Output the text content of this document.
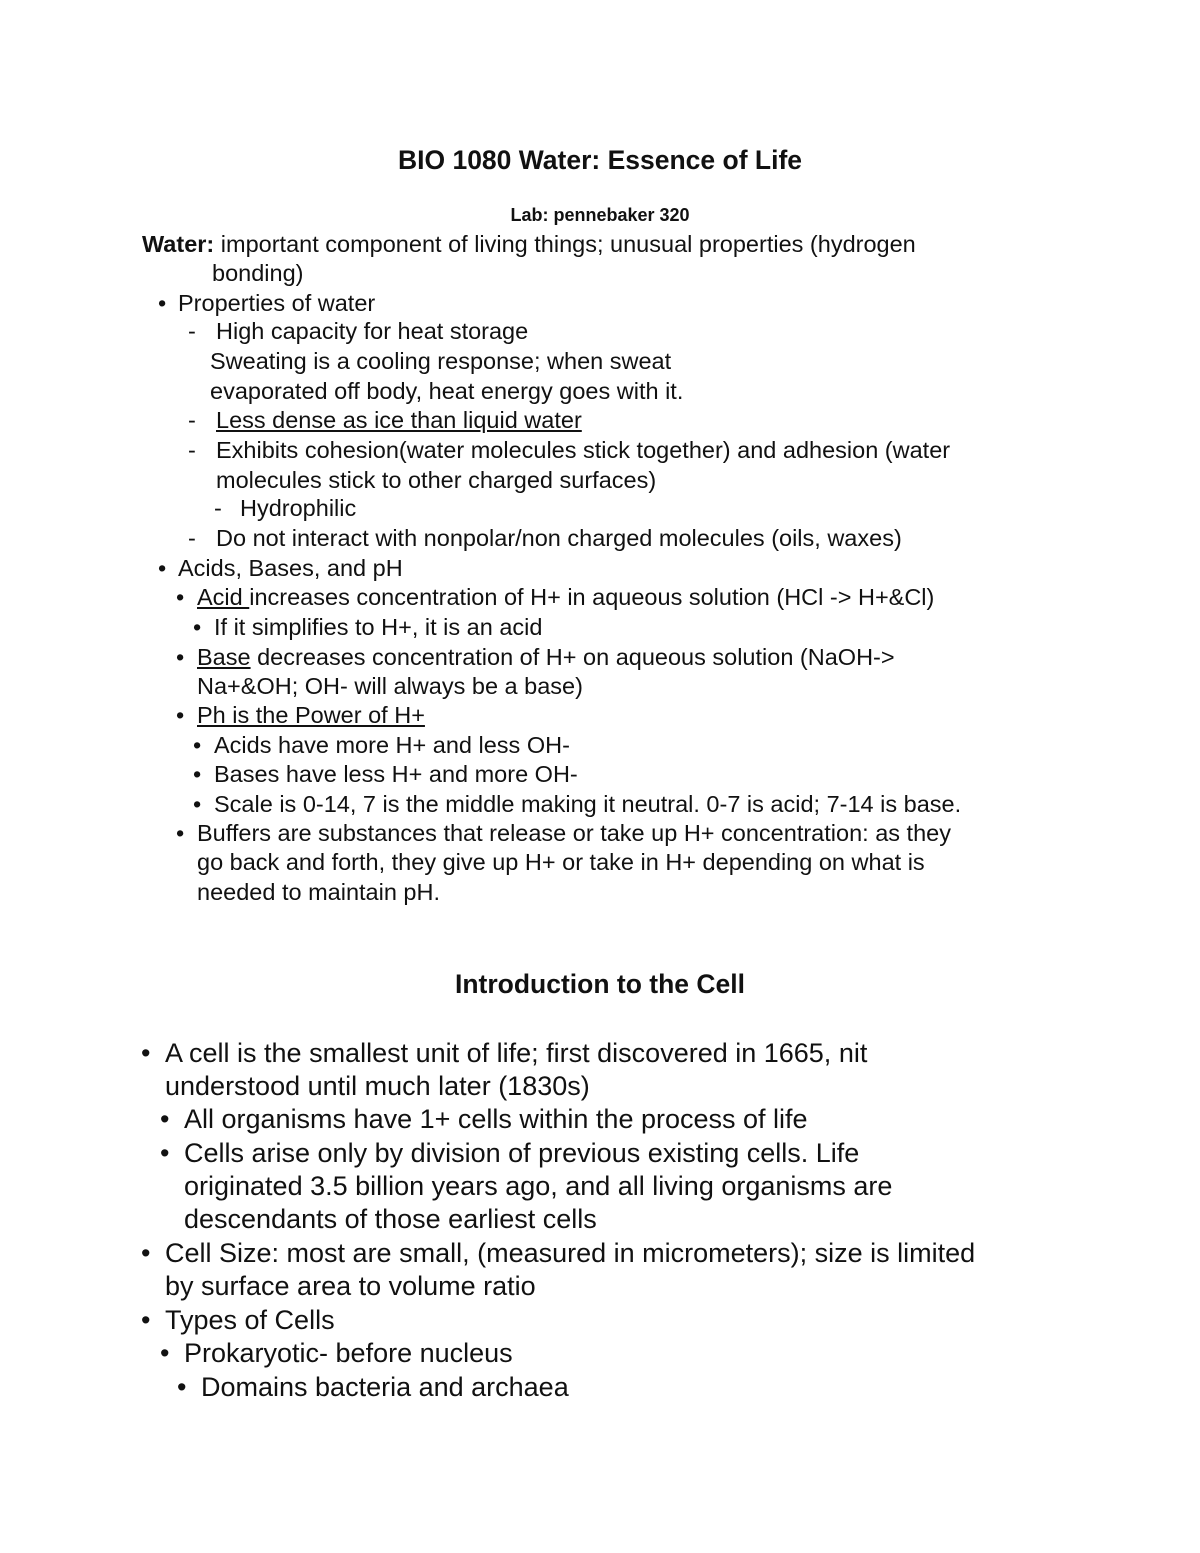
BIO 1080 Water: Essence of Life
Lab: pennebaker 320
Water: important component of living things; unusual properties (hydrogen
bonding)
• Properties of water
- High capacity for heat storage
Sweating is a cooling response; when sweat
evaporated off body, heat energy goes with it.
- Less dense as ice than liquid water
- Exhibits cohesion(water molecules stick together) and adhesion (water
molecules stick to other charged surfaces)
- Hydrophilic
- Do not interact with nonpolar/non charged molecules (oils, waxes)
• Acids, Bases, and pH
• Acid increases concentration of H+ in aqueous solution (HCl -> H+&Cl)
• If it simplifies to H+, it is an acid
• Base decreases concentration of H+ on aqueous solution (NaOH->
Na+&OH; OH- will always be a base)
• Ph is the Power of H+
• Acids have more H+ and less OH-
• Bases have less H+ and more OH-
• Scale is 0-14, 7 is the middle making it neutral. 0-7 is acid; 7-14 is base.
• Buffers are substances that release or take up H+ concentration: as they
go back and forth, they give up H+ or take in H+ depending on what is
needed to maintain pH.
Introduction to the Cell
• A cell is the smallest unit of life; first discovered in 1665, nit
understood until much later (1830s)
• All organisms have 1+ cells within the process of life
• Cells arise only by division of previous existing cells. Life
originated 3.5 billion years ago, and all living organisms are
descendants of those earliest cells
• Cell Size: most are small, (measured in micrometers); size is limited
by surface area to volume ratio
• Types of Cells
• Prokaryotic- before nucleus
• Domains bacteria and archaea
